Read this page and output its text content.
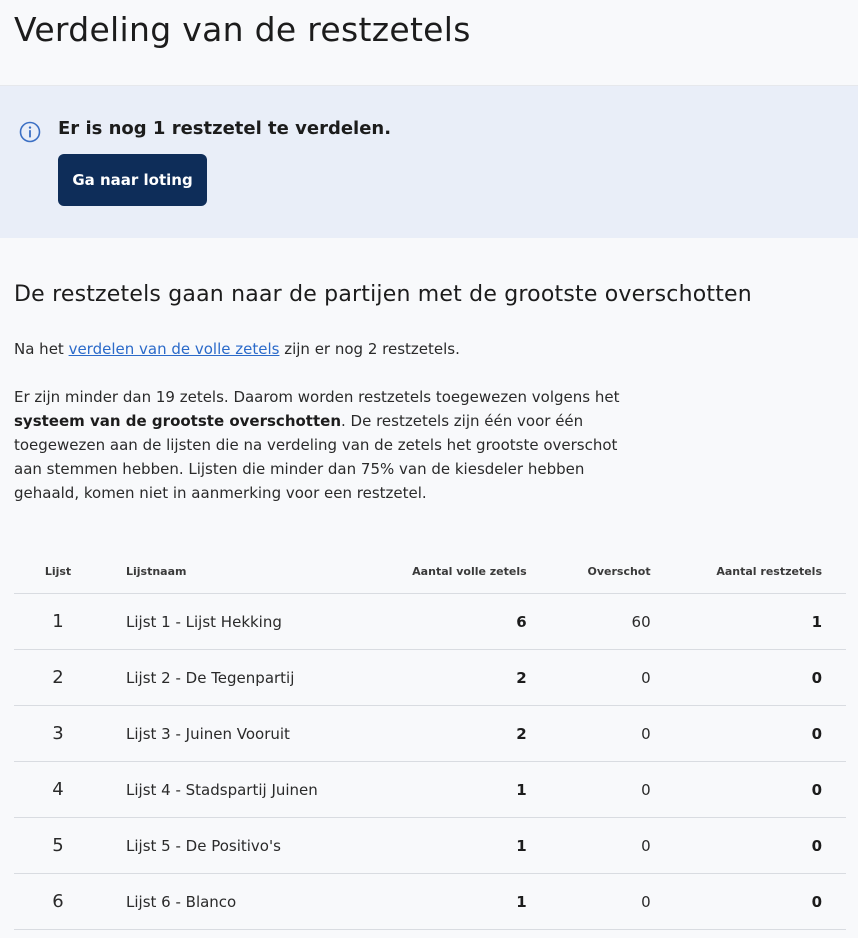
Verdeling van de restzetels
Er is nog 1 restzetel te verdelen.
Ga naar loting
De restzetels gaan naar de partijen met de grootste overschotten

Na het verdelen van de volle zetels zijn er nog 2 restzetels.

Er zijn minder dan 19 zetels. Daarom worden restzetels toegewezen volgens het systeem van de grootste overschotten. De restzetels zijn één voor één toegewezen aan de lijsten die na verdeling van de zetels het grootste overschot aan stemmen hebben. Lijsten die minder dan 75% van de kiesdeler hebben gehaald, komen niet in aanmerking voor een restzetel.

Lijst	Lijstnaam	Aantal volle zetels	Overschot	Aantal restzetels
1	Lijst 1 - Lijst Hekking	6	60	1
2	Lijst 2 - De Tegenpartij	2	0	0
3	Lijst 3 - Juinen Vooruit	2	0	0
4	Lijst 4 - Stadspartij Juinen	1	0	0
5	Lijst 5 - De Positivo's	1	0	0
6	Lijst 6 - Blanco	1	0	0
